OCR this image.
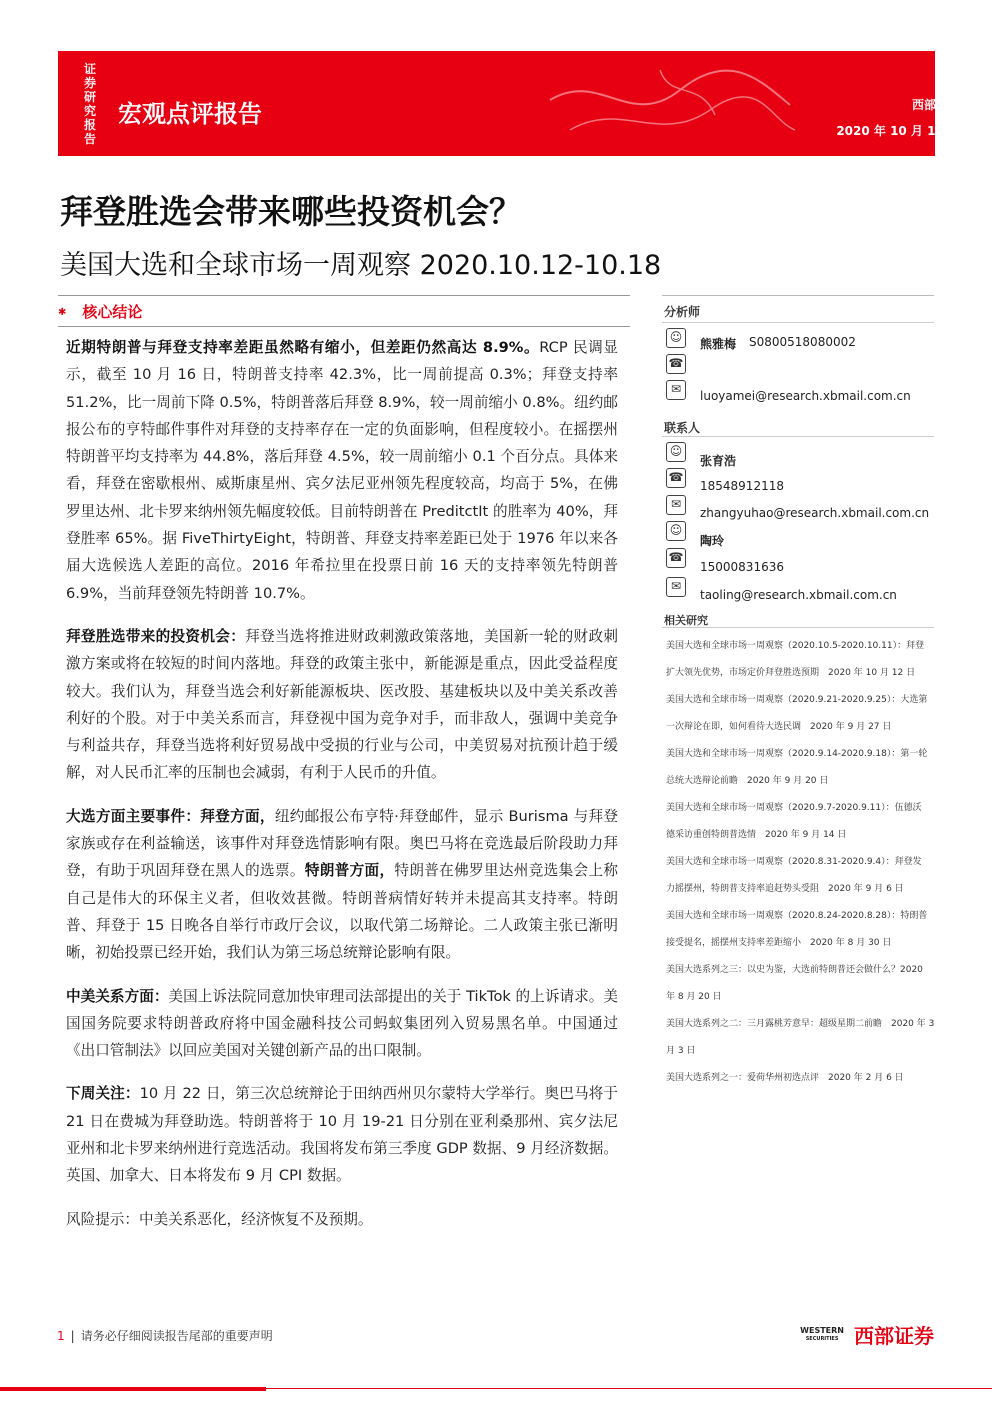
证券研究报告
宏观点评报告	西部证券
2020 年 10 月 18 日
拜登胜选会带来哪些投资机会？
美国大选和全球市场一周观察 2020.10.12-10.18
✱ 核心结论

近期特朗普与拜登支持率差距虽然略有缩小，但差距仍然高达 8.9%。RCP 民调显示，截至 10 月 16 日，特朗普支持率 42.3%，比一周前提高 0.3%；拜登支持率 51.2%，比一周前下降 0.5%，特朗普落后拜登 8.9%，较一周前缩小 0.8%。纽约邮报公布的亨特邮件事件对拜登的支持率存在一定的负面影响，但程度较小。在摇摆州特朗普平均支持率为 44.8%，落后拜登 4.5%，较一周前缩小 0.1 个百分点。具体来看，拜登在密歇根州、威斯康星州、宾夕法尼亚州领先程度较高，均高于 5%，在佛罗里达州、北卡罗来纳州领先幅度较低。目前特朗普在 PreditctIt 的胜率为 40%，拜登胜率 65%。据 FiveThirtyEight，特朗普、拜登支持率差距已处于 1976 年以来各届大选候选人差距的高位。2016 年希拉里在投票日前 16 天的支持率领先特朗普 6.9%，当前拜登领先特朗普 10.7%。

拜登胜选带来的投资机会：拜登当选将推进财政刺激政策落地，美国新一轮的财政刺激方案或将在较短的时间内落地。拜登的政策主张中，新能源是重点，因此受益程度较大。我们认为，拜登当选会利好新能源板块、医改股、基建板块以及中美关系改善利好的个股。对于中美关系而言，拜登视中国为竞争对手，而非敌人，强调中美竞争与利益共存，拜登当选将利好贸易战中受损的行业与公司，中美贸易对抗预计趋于缓解，对人民币汇率的压制也会减弱，有利于人民币的升值。

大选方面主要事件：拜登方面，纽约邮报公布亨特·拜登邮件，显示 Burisma 与拜登家族或存在利益输送，该事件对拜登选情影响有限。奥巴马将在竞选最后阶段助力拜登，有助于巩固拜登在黑人的选票。特朗普方面，特朗普在佛罗里达州竞选集会上称自己是伟大的环保主义者，但收效甚微。特朗普病情好转并未提高其支持率。特朗普、拜登于 15 日晚各自举行市政厅会议，以取代第二场辩论。二人政策主张已渐明晰，初始投票已经开始，我们认为第三场总统辩论影响有限。

中美关系方面：美国上诉法院同意加快审理司法部提出的关于 TikTok 的上诉请求。美国国务院要求特朗普政府将中国金融科技公司蚂蚁集团列入贸易黑名单。中国通过《出口管制法》以回应美国对关键创新产品的出口限制。

下周关注：10 月 22 日，第三次总统辩论于田纳西州贝尔蒙特大学举行。奥巴马将于 21 日在费城为拜登助选。特朗普将于 10 月 19-21 日分别在亚利桑那州、宾夕法尼亚州和北卡罗来纳州进行竞选活动。我国将发布第三季度 GDP 数据、9 月经济数据。英国、加拿大、日本将发布 9 月 CPI 数据。

风险提示：中美关系恶化，经济恢复不及预期。

分析师
☺	熊雅梅 S0800518080002
☎
✉	luoyamei@research.xbmail.com.cn
联系人
☺
张育浩
☎
18548912118
✉
zhangyuhao@research.xbmail.com.cn
☺
陶玲
☎
15000831636
✉
taoling@research.xbmail.com.cn
相关研究
美国大选和全球市场一周观察（2020.10.5-2020.10.11）：拜登
扩大领先优势，市场定价拜登胜选预期　2020 年 10 月 12 日
美国大选和全球市场一周观察（2020.9.21-2020.9.25）：大选第
一次辩论在即，如何看待大选民调　2020 年 9 月 27 日
美国大选和全球市场一周观察（2020.9.14-2020.9.18）：第一轮
总统大选辩论前瞻　2020 年 9 月 20 日
美国大选和全球市场一周观察（2020.9.7-2020.9.11）：伍德沃
德采访重创特朗普选情　2020 年 9 月 14 日
美国大选和全球市场一周观察（2020.8.31-2020.9.4）：拜登发
力摇摆州，特朗普支持率追赶势头受阻　2020 年 9 月 6 日
美国大选和全球市场一周观察（2020.8.24-2020.8.28）：特朗普
接受提名，摇摆州支持率差距缩小　2020 年 8 月 30 日
美国大选系列之三：以史为鉴，大选前特朗普还会做什么？2020
年 8 月 20 日
美国大选系列之二：三月露桃芳意早：超级星期二前瞻　2020 年 3
月 3 日
美国大选系列之一：爱荷华州初选点评　2020 年 2 月 6 日
1 | 请务必仔细阅读报告尾部的重要声明	WESTERN
SECURITIES 西部证券
